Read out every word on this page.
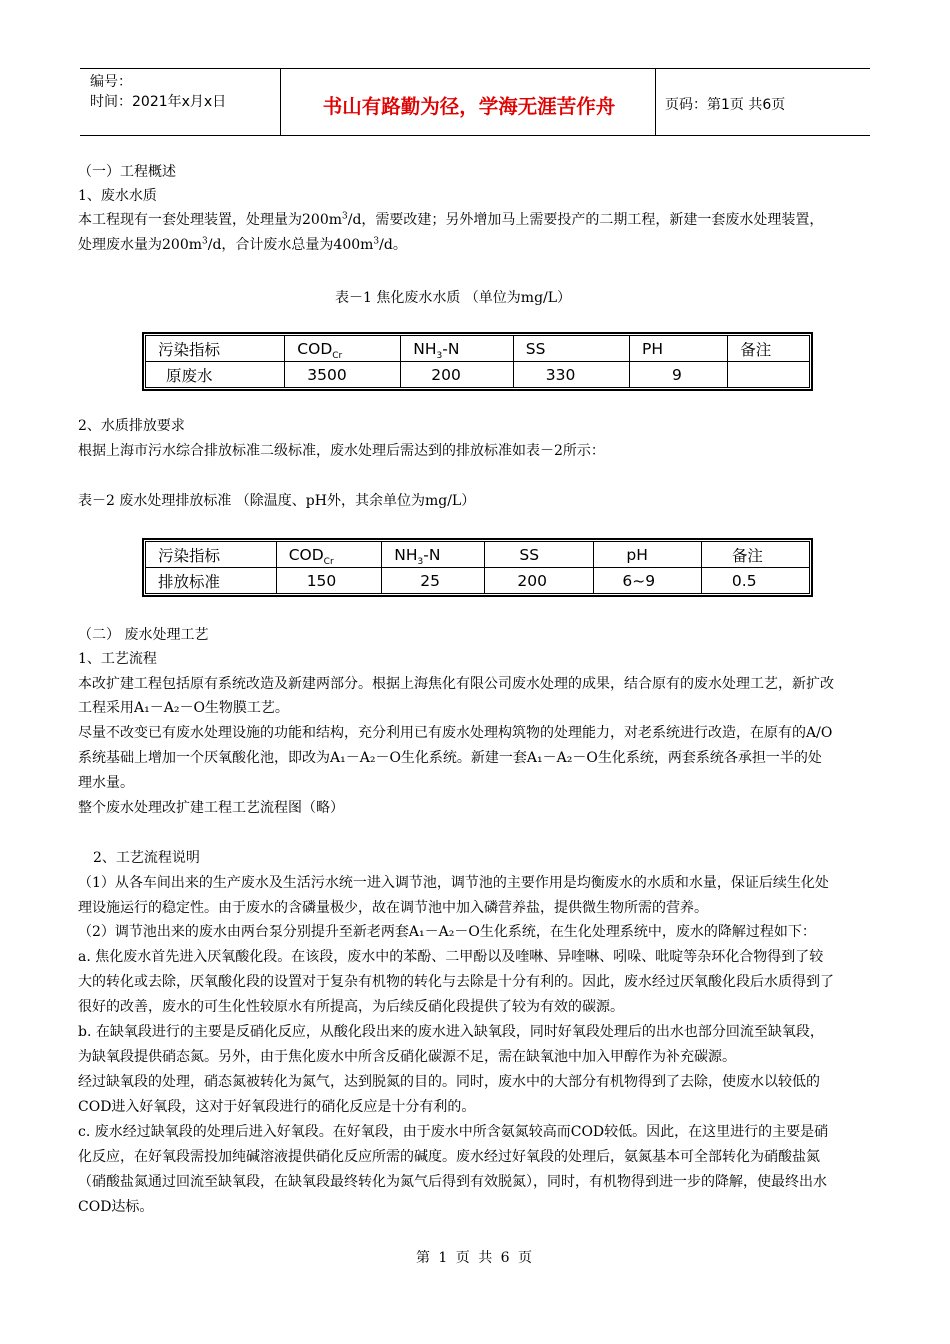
编号：
时间：2021年x月x日	书山有路勤为径，学海无涯苦作舟	页码：第1页 共6页
（一）工程概述
1、废水水质
本工程现有一套处理装置，处理量为$200m^3/d$，需要改建；另外增加马上需要投产的二期工程，新建一套废水处理装置，
处理废水量为$200m^3/d$，合计废水总量为$400m^3/d$。
表－1 焦化废水水质 （单位为mg/L）
污染指标	$COD_{Cr}$	$NH_3-N$	SS	PH	备注
原废水	3500	200	330	9	
2、水质排放要求
根据上海市污水综合排放标准二级标准，废水处理后需达到的排放标准如表－2所示：
表－2 废水处理排放标准 （除温度、pH外，其余单位为mg/L）
污染指标	$COD_{Cr}$	$NH_3-N$	SS	pH	备注
排放标准	150	25	200	6~9	0.5
（二） 废水处理工艺
1、工艺流程
本改扩建工程包括原有系统改造及新建两部分。根据上海焦化有限公司废水处理的成果，结合原有的废水处理工艺，新扩改
工程采用A₁－A₂－O生物膜工艺。
尽量不改变已有废水处理设施的功能和结构，充分利用已有废水处理构筑物的处理能力，对老系统进行改造，在原有的A/O
系统基础上增加一个厌氧酸化池，即改为A₁－A₂－O生化系统。新建一套A₁－A₂－O生化系统，两套系统各承担一半的处
理水量。
整个废水处理改扩建工程工艺流程图（略）
2、工艺流程说明
（1）从各车间出来的生产废水及生活污水统一进入调节池，调节池的主要作用是均衡废水的水质和水量，保证后续生化处
理设施运行的稳定性。由于废水的含磷量极少，故在调节池中加入磷营养盐，提供微生物所需的营养。
（2）调节池出来的废水由两台泵分别提升至新老两套A₁－A₂－O生化系统，在生化处理系统中，废水的降解过程如下：
a. 焦化废水首先进入厌氧酸化段。在该段，废水中的苯酚、二甲酚以及喹啉、异喹啉、吲哚、吡啶等杂环化合物得到了较
大的转化或去除，厌氧酸化段的设置对于复杂有机物的转化与去除是十分有利的。因此，废水经过厌氧酸化段后水质得到了
很好的改善，废水的可生化性较原水有所提高，为后续反硝化段提供了较为有效的碳源。
b. 在缺氧段进行的主要是反硝化反应，从酸化段出来的废水进入缺氧段，同时好氧段处理后的出水也部分回流至缺氧段，
为缺氧段提供硝态氮。另外，由于焦化废水中所含反硝化碳源不足，需在缺氧池中加入甲醇作为补充碳源。
经过缺氧段的处理，硝态氮被转化为氮气，达到脱氮的目的。同时，废水中的大部分有机物得到了去除，使废水以较低的
COD进入好氧段，这对于好氧段进行的硝化反应是十分有利的。
c. 废水经过缺氧段的处理后进入好氧段。在好氧段，由于废水中所含氨氮较高而COD较低。因此，在这里进行的主要是硝
化反应，在好氧段需投加纯碱溶液提供硝化反应所需的碱度。废水经过好氧段的处理后，氨氮基本可全部转化为硝酸盐氮
（硝酸盐氮通过回流至缺氧段，在缺氧段最终转化为氮气后得到有效脱氮），同时，有机物得到进一步的降解，使最终出水
COD达标。
第 1 页 共 6 页
